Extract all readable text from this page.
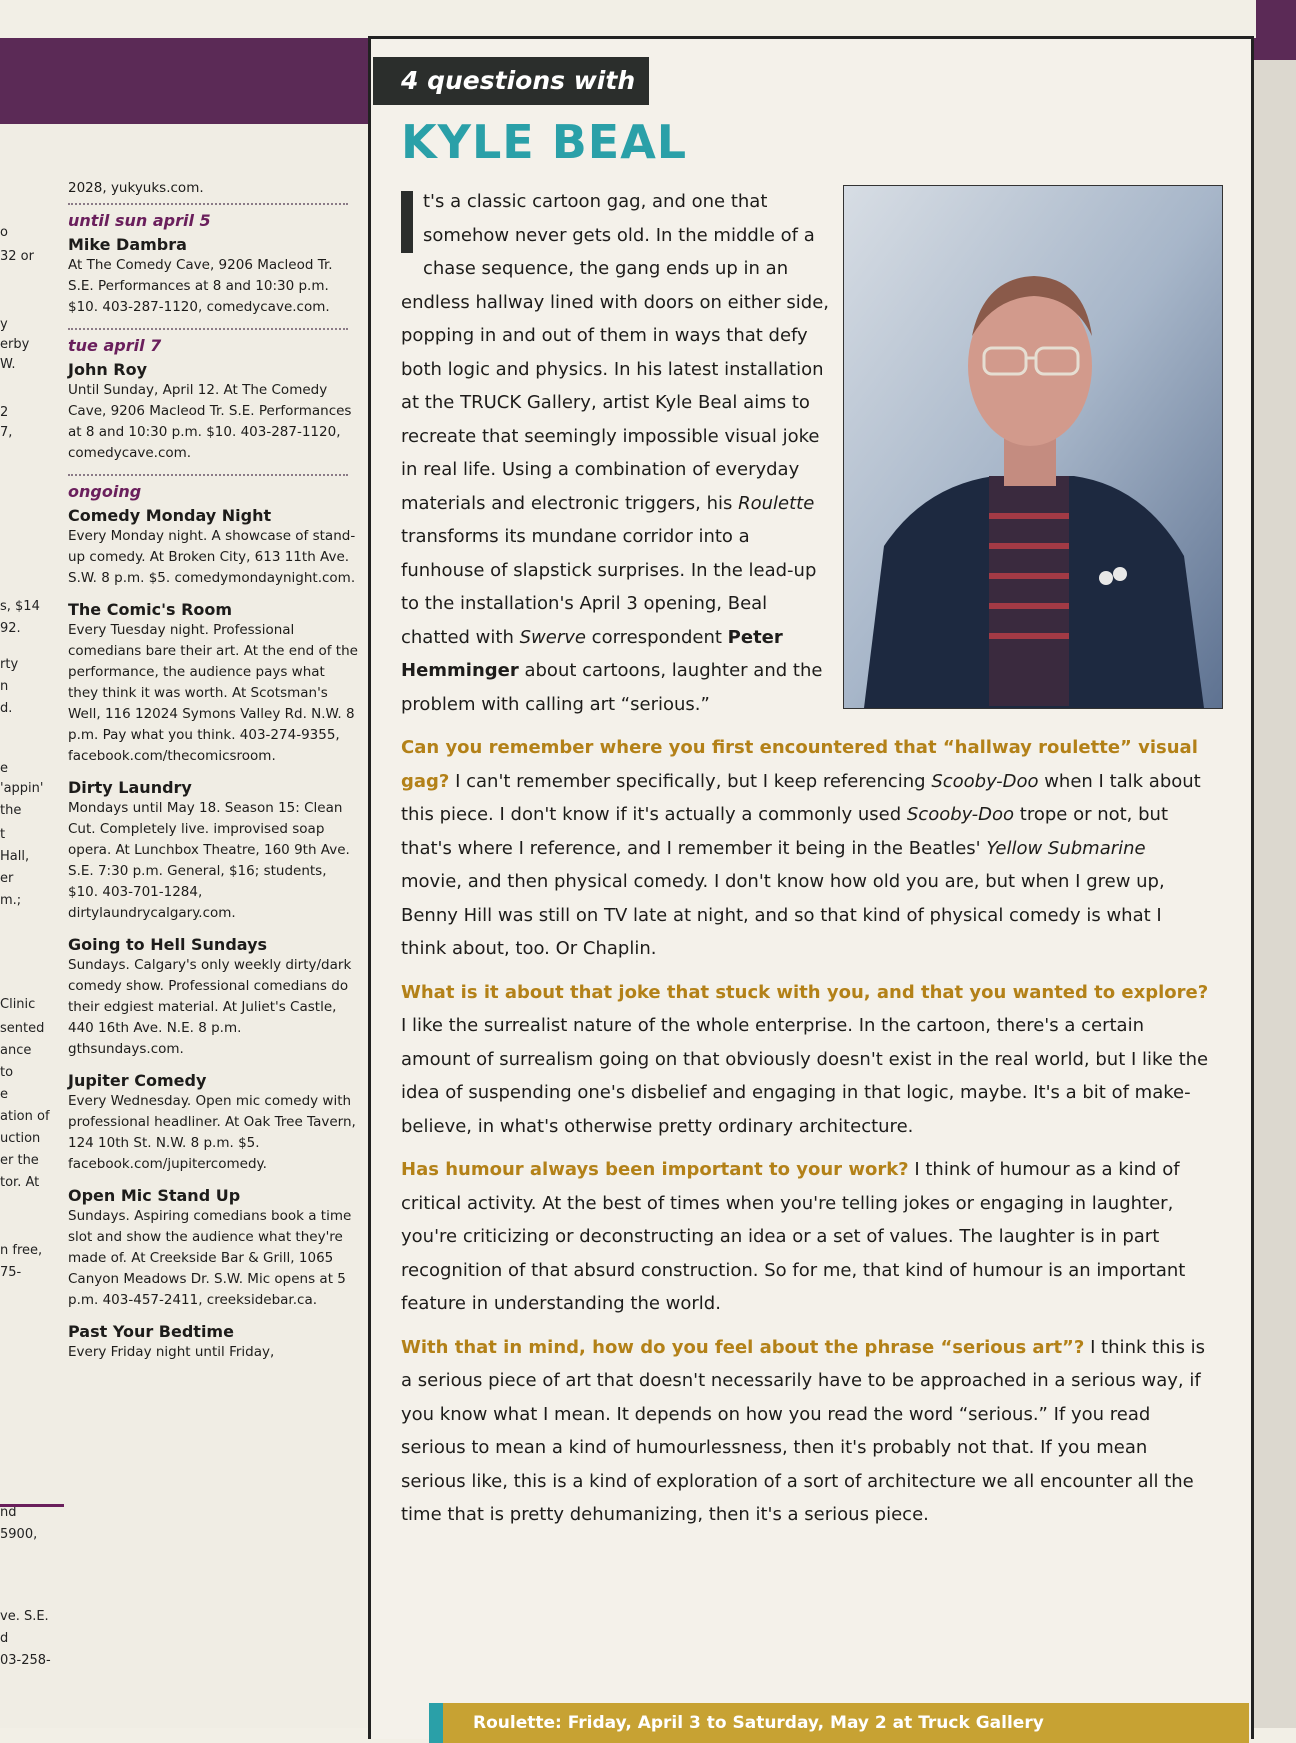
o
32 or
y
erby
W.
2
7,
s, $14
92.
rty
n
d.
e
'appin'
the
t
Hall,
er
m.;
Clinic
sented
ance
to
e
ation of
uction
er the
tor. At
n free,
75-
nd
5900,
ve. S.E.
d
03-258-
2028, yukyuks.com.
until sun april 5
Mike Dambra
At The Comedy Cave, 9206 Macleod Tr. S.E. Performances at 8 and 10:30 p.m. $10. 403-287-1120, comedycave.com.
tue april 7
John Roy
Until Sunday, April 12. At The Comedy Cave, 9206 Macleod Tr. S.E. Performances at 8 and 10:30 p.m. $10. 403-287-1120, comedycave.com.
ongoing
Comedy Monday Night
Every Monday night. A showcase of stand-up comedy. At Broken City, 613 11th Ave. S.W. 8 p.m. $5. comedymondaynight.com.
The Comic's Room
Every Tuesday night. Professional comedians bare their art. At the end of the performance, the audience pays what they think it was worth. At Scotsman's Well, 116 12024 Symons Valley Rd. N.W. 8 p.m. Pay what you think. 403-274-9355, facebook.com/thecomicsroom.
Dirty Laundry
Mondays until May 18. Season 15: Clean Cut. Completely live. improvised soap opera. At Lunchbox Theatre, 160 9th Ave. S.E. 7:30 p.m. General, $16; students, $10. 403-701-1284, dirtylaundrycalgary.com.
Going to Hell Sundays
Sundays. Calgary's only weekly dirty/dark comedy show. Professional comedians do their edgiest material. At Juliet's Castle, 440 16th Ave. N.E. 8 p.m. gthsundays.com.
Jupiter Comedy
Every Wednesday. Open mic comedy with professional headliner. At Oak Tree Tavern, 124 10th St. N.W. 8 p.m. $5. facebook.com/jupitercomedy.
Open Mic Stand Up
Sundays. Aspiring comedians book a time slot and show the audience what they're made of. At Creekside Bar & Grill, 1065 Canyon Meadows Dr. S.W. Mic opens at 5 p.m. 403-457-2411, creeksidebar.ca.
Past Your Bedtime
Every Friday night until Friday,
4 questions with
KYLE BEAL
t's a classic cartoon gag, and one that somehow never gets old. In the middle of a chase sequence, the gang ends up in an endless hallway lined with doors on either side, popping in and out of them in ways that defy both logic and physics. In his latest installation at the TRUCK Gallery, artist Kyle Beal aims to recreate that seemingly impossible visual joke in real life. Using a combination of everyday materials and electronic triggers, his Roulette transforms its mundane corridor into a funhouse of slapstick surprises. In the lead-up to the installation's April 3 opening, Beal chatted with Swerve correspondent Peter Hemminger about cartoons, laughter and the problem with calling art “serious.”
Can you remember where you first encountered that “hallway roulette” visual gag? I can't remember specifically, but I keep referencing Scooby-Doo when I talk about this piece. I don't know if it's actually a commonly used Scooby-Doo trope or not, but that's where I reference, and I remember it being in the Beatles' Yellow Submarine movie, and then physical comedy. I don't know how old you are, but when I grew up, Benny Hill was still on TV late at night, and so that kind of physical comedy is what I think about, too. Or Chaplin.
What is it about that joke that stuck with you, and that you wanted to explore? I like the surrealist nature of the whole enterprise. In the cartoon, there's a certain amount of surrealism going on that obviously doesn't exist in the real world, but I like the idea of suspending one's disbelief and engaging in that logic, maybe. It's a bit of make-believe, in what's otherwise pretty ordinary architecture.
Has humour always been important to your work? I think of humour as a kind of critical activity. At the best of times when you're telling jokes or engaging in laughter, you're criticizing or deconstructing an idea or a set of values. The laughter is in part recognition of that absurd construction. So for me, that kind of humour is an important feature in understanding the world.
With that in mind, how do you feel about the phrase “serious art”? I think this is a serious piece of art that doesn't necessarily have to be approached in a serious way, if you know what I mean. It depends on how you read the word “serious.” If you read serious to mean a kind of humourlessness, then it's probably not that. If you mean serious like, this is a kind of exploration of a sort of architecture we all encounter all the time that is pretty dehumanizing, then it's a serious piece.
Roulette: Friday, April 3 to Saturday, May 2 at Truck Gallery
